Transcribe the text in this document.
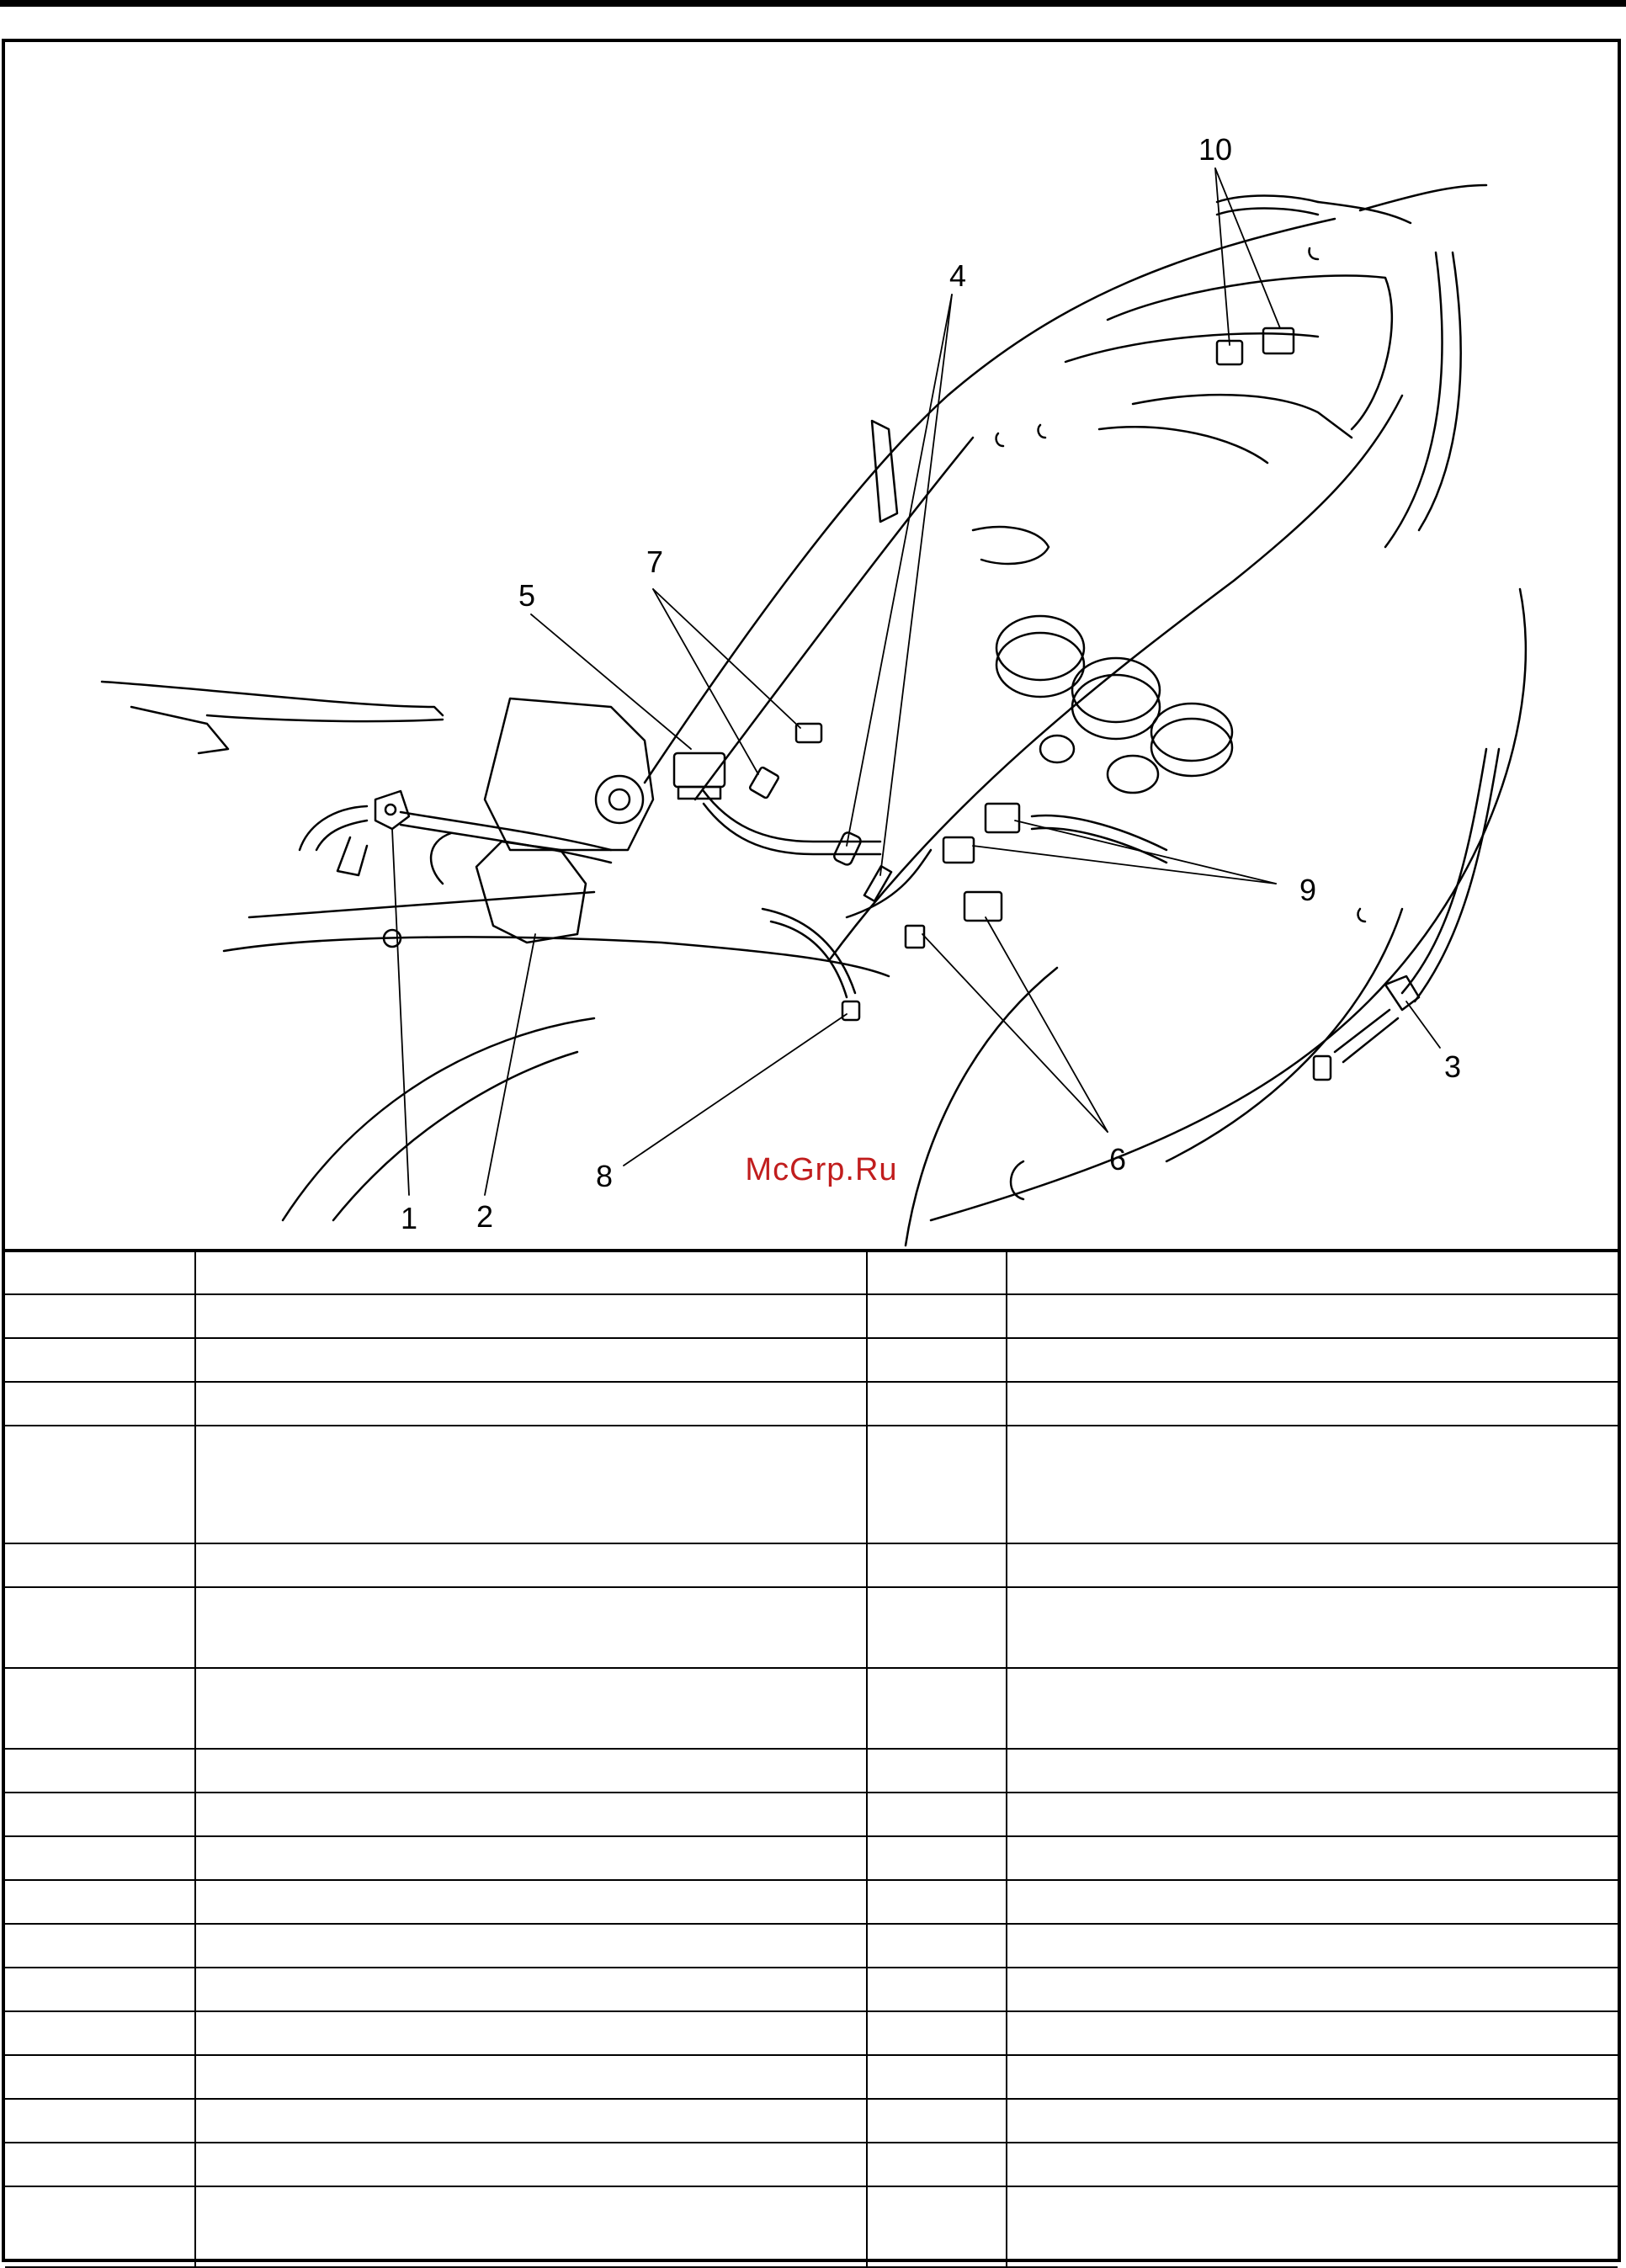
1 2
3
4
5
6
7
8
9
10
McGrp.Ru
